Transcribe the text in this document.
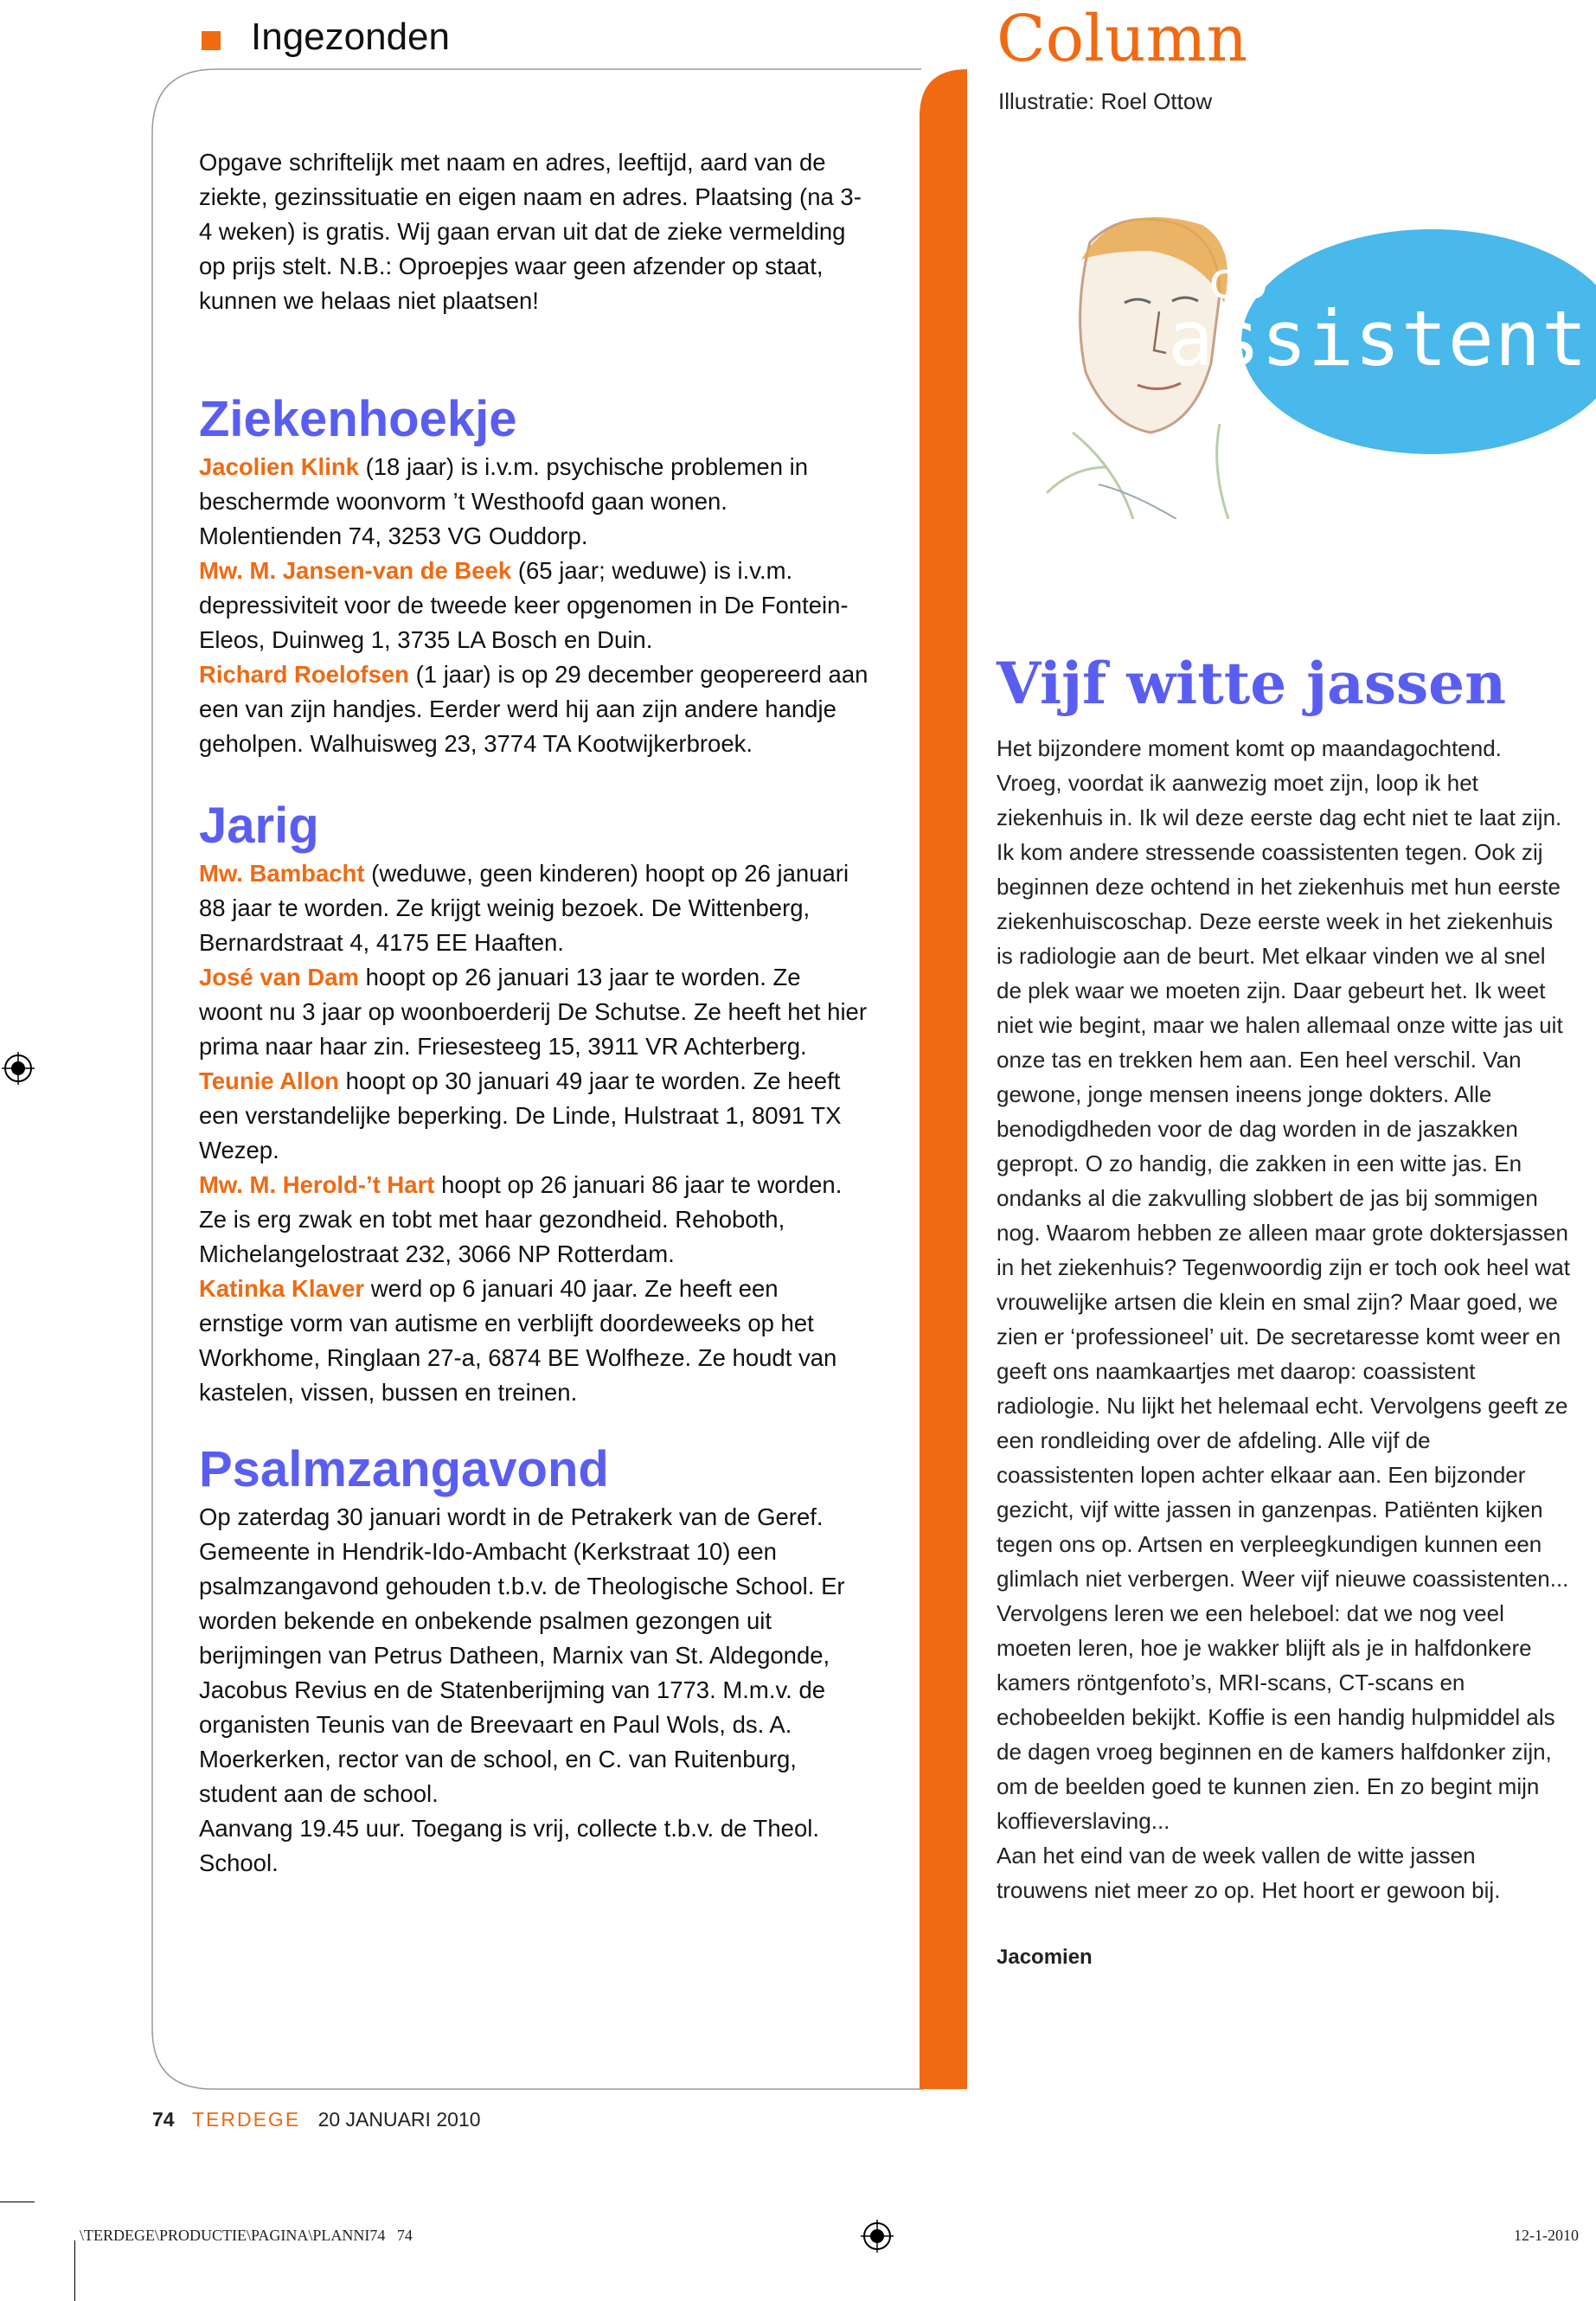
Ingezonden

Opgave schriftelijk met naam en adres, leeftijd, aard van de ziekte, gezinssituatie en eigen naam en adres. Plaatsing (na 3-4 weken) is gratis. Wij gaan ervan uit dat de zieke vermelding op prijs stelt. N.B.: Oproepjes waar geen afzender op staat, kunnen we helaas niet plaatsen!

Ziekenhoekje

Jacolien Klink (18 jaar) is i.v.m. psychische problemen in beschermde woonvorm ’t Westhoofd gaan wonen. Molentienden 74, 3253 VG Ouddorp.

Mw. M. Jansen-van de Beek (65 jaar; weduwe) is i.v.m. depressiviteit voor de tweede keer opgenomen in De Fontein-Eleos, Duinweg 1, 3735 LA Bosch en Duin.

Richard Roelofsen (1 jaar) is op 29 december geopereerd aan een van zijn handjes. Eerder werd hij aan zijn andere handje geholpen. Walhuisweg 23, 3774 TA Kootwijkerbroek.

Jarig

Mw. Bambacht (weduwe, geen kinderen) hoopt op 26 januari 88 jaar te worden. Ze krijgt weinig bezoek. De Wittenberg, Bernardstraat 4, 4175 EE Haaften.

José van Dam hoopt op 26 januari 13 jaar te worden. Ze woont nu 3 jaar op woonboerderij De Schutse. Ze heeft het hier prima naar haar zin. Friesesteeg 15, 3911 VR Achterberg.

Teunie Allon hoopt op 30 januari 49 jaar te worden. Ze heeft een verstandelijke beperking. De Linde, Hulstraat 1, 8091 TX Wezep.

Mw. M. Herold-’t Hart hoopt op 26 januari 86 jaar te worden. Ze is erg zwak en tobt met haar gezondheid. Rehoboth, Michelangelostraat 232, 3066 NP Rotterdam.

Katinka Klaver werd op 6 januari 40 jaar. Ze heeft een ernstige vorm van autisme en verblijft doordeweeks op het Workhome, Ringlaan 27-a, 6874 BE Wolfheze. Ze houdt van kastelen, vissen, bussen en treinen.

Psalmzangavond

Op zaterdag 30 januari wordt in de Petrakerk van de Geref. Gemeente in Hendrik-Ido-Ambacht (Kerkstraat 10) een psalmzangavond gehouden t.b.v. de Theologische School. Er worden bekende en onbekende psalmen gezongen uit berijmingen van Petrus Datheen, Marnix van St. Aldegonde, Jacobus Revius en de Statenberijming van 1773. M.m.v. de organisten Teunis van de Breevaart en Paul Wols, ds. A. Moerkerken, rector van de school, en C. van Ruitenburg, student aan de school.

Aanvang 19.45 uur. Toegang is vrij, collecte t.b.v. de Theol. School.

Column
Illustratie: Roel Ottow
co
assistent
Vijf witte jassen

Het bijzondere moment komt op maandagochtend. Vroeg, voordat ik aanwezig moet zijn, loop ik het ziekenhuis in. Ik wil deze eerste dag echt niet te laat zijn. Ik kom andere stressende coassistenten tegen. Ook zij beginnen deze ochtend in het ziekenhuis met hun eerste ziekenhuiscoschap. Deze eerste week in het ziekenhuis is radiologie aan de beurt. Met elkaar vinden we al snel de plek waar we moeten zijn. Daar gebeurt het. Ik weet niet wie begint, maar we halen allemaal onze witte jas uit onze tas en trekken hem aan. Een heel verschil. Van gewone, jonge mensen ineens jonge dokters. Alle benodigdheden voor de dag worden in de jaszakken gepropt. O zo handig, die zakken in een witte jas. En ondanks al die zakvulling slobbert de jas bij sommigen nog. Waarom hebben ze alleen maar grote doktersjassen in het ziekenhuis? Tegenwoordig zijn er toch ook heel wat vrouwelijke artsen die klein en smal zijn? Maar goed, we zien er ‘professioneel’ uit. De secretaresse komt weer en geeft ons naamkaartjes met daarop: coassistent radiologie. Nu lijkt het helemaal echt. Vervolgens geeft ze een rondleiding over de afdeling. Alle vijf de coassistenten lopen achter elkaar aan. Een bijzonder gezicht, vijf witte jassen in ganzenpas. Patiënten kijken tegen ons op. Artsen en verpleegkundigen kunnen een glimlach niet verbergen. Weer vijf nieuwe coassistenten...

Vervolgens leren we een heleboel: dat we nog veel moeten leren, hoe je wakker blijft als je in halfdonkere kamers röntgenfoto’s, MRI-scans, CT-scans en echobeelden bekijkt. Koffie is een handig hulpmiddel als de dagen vroeg beginnen en de kamers halfdonker zijn, om de beelden goed te kunnen zien. En zo begint mijn koffieverslaving...

Aan het eind van de week vallen de witte jassen trouwens niet meer zo op. Het hoort er gewoon bij.

Jacomien

74 TERDEGE 20 JANUARI 2010
\TERDEGE\PRODUCTIE\PAGINA\PLANNI74   74	12-1-2010
